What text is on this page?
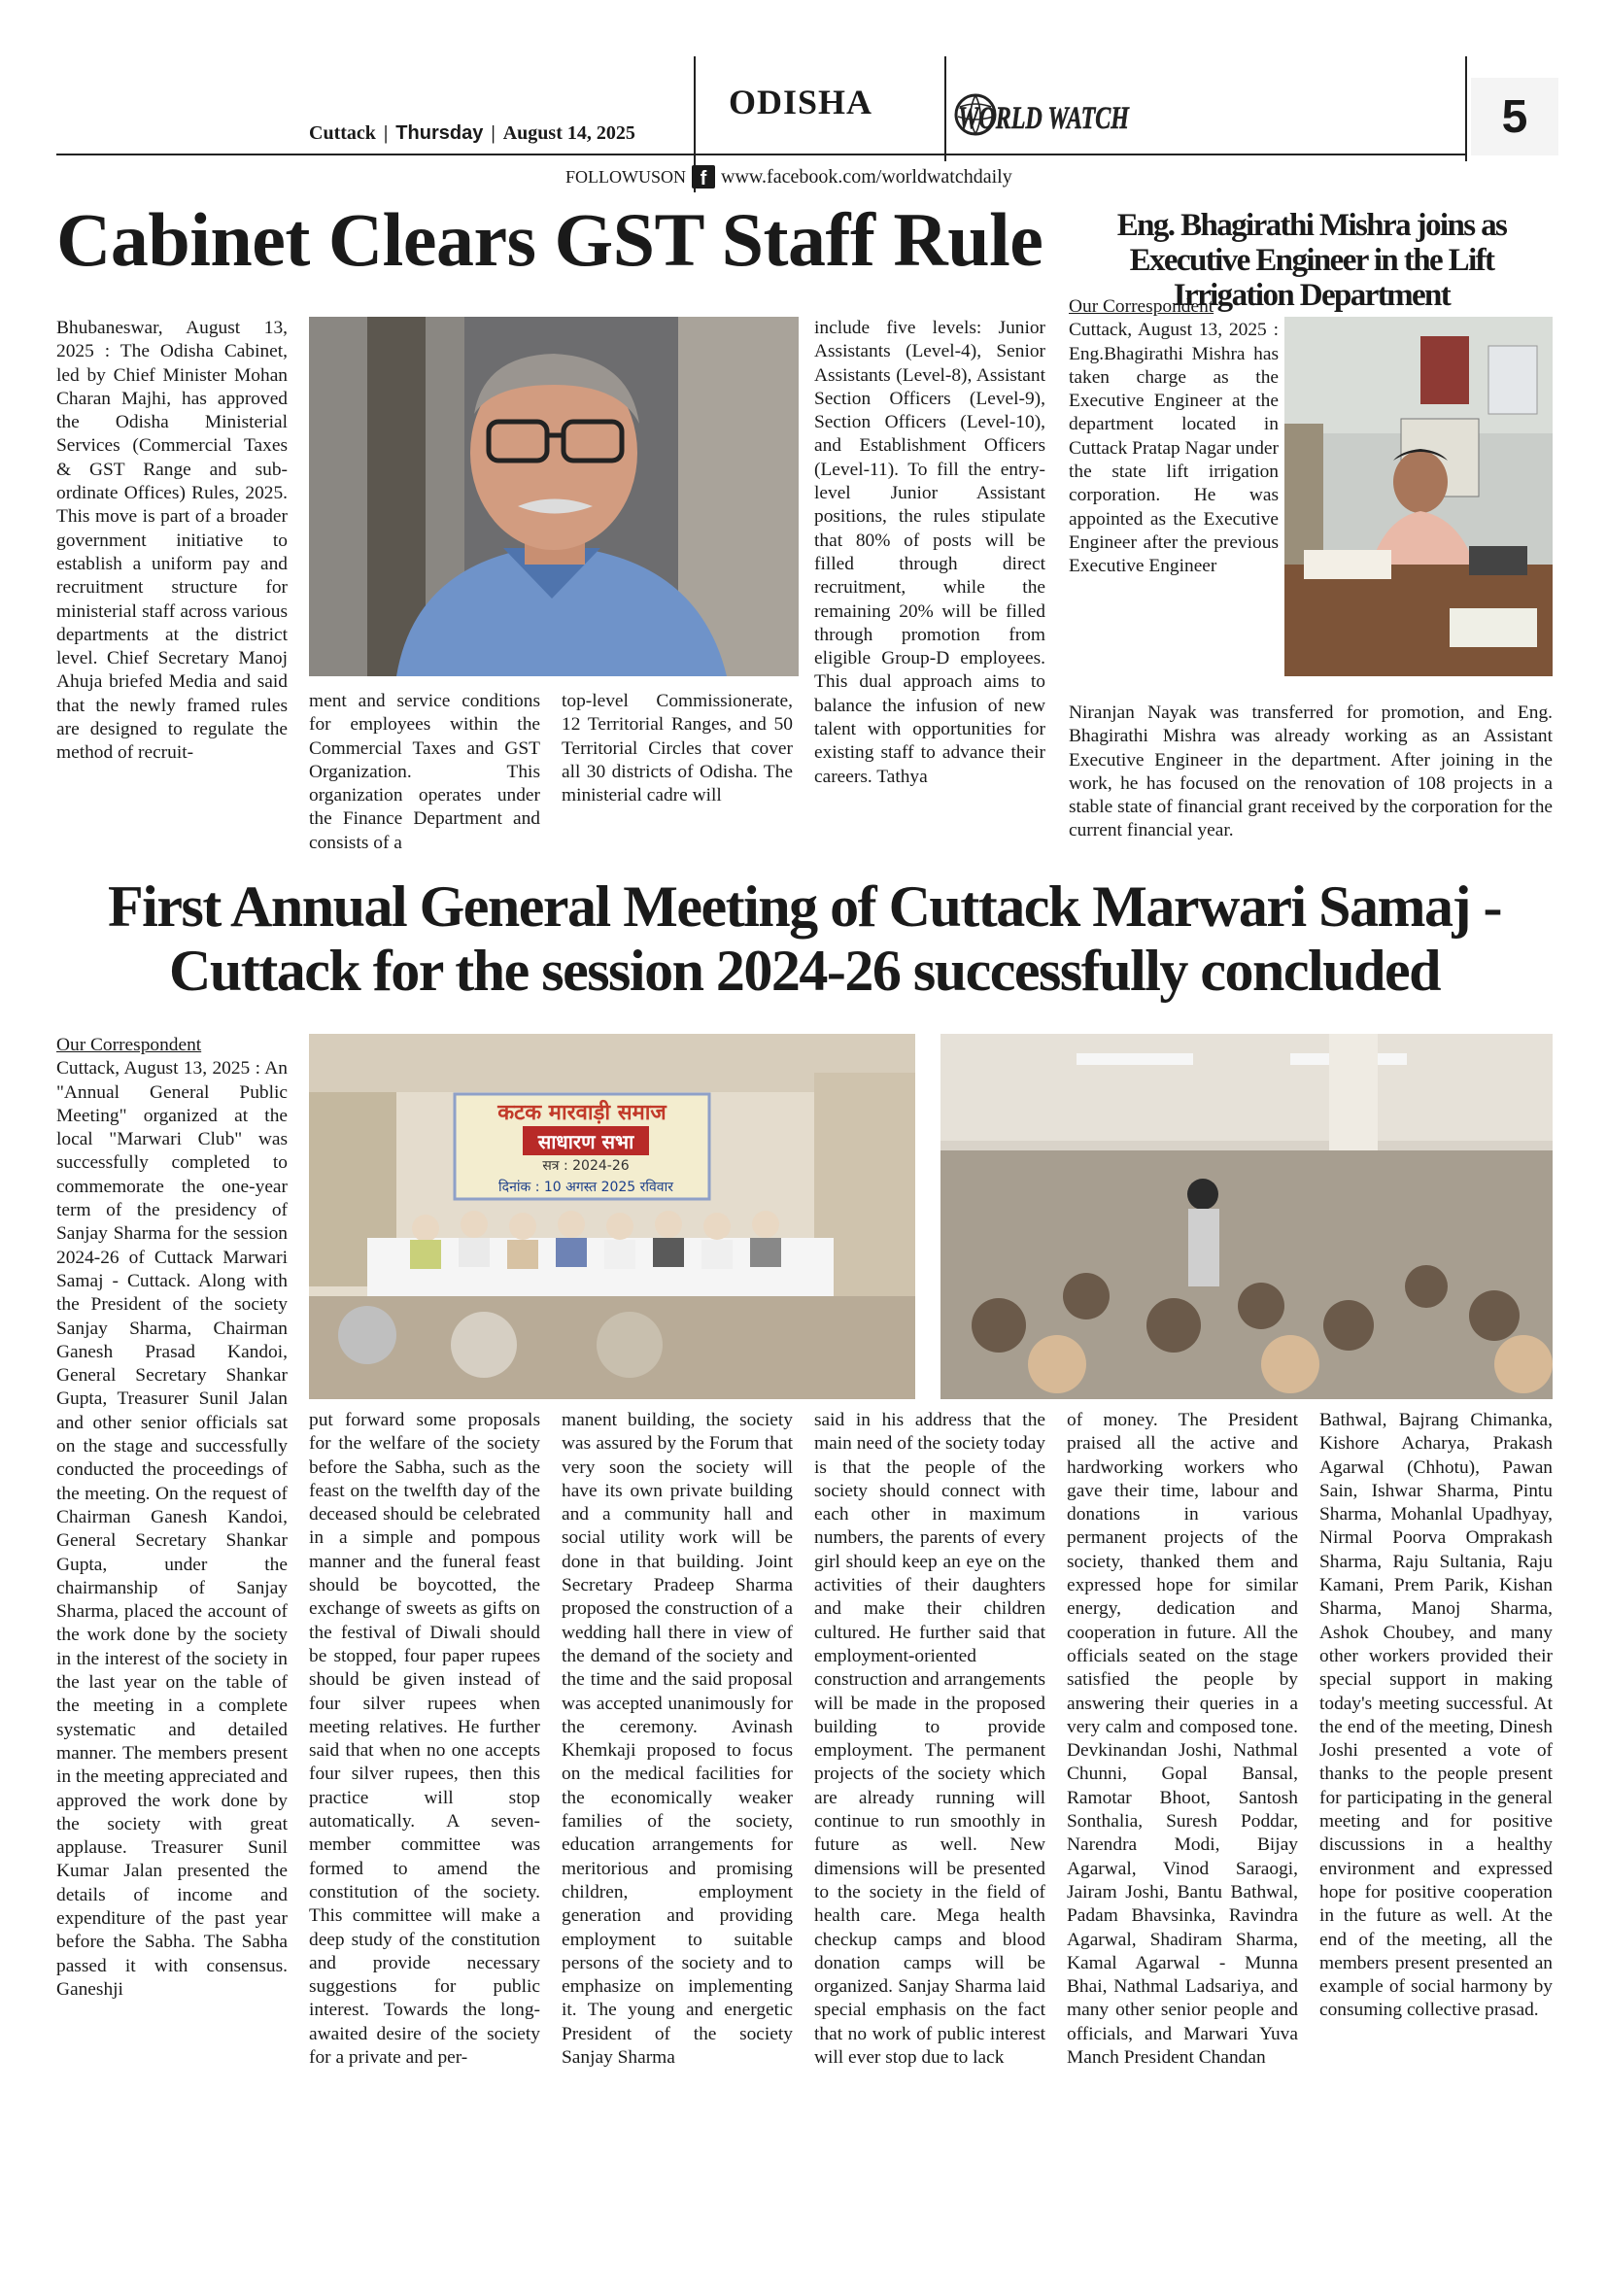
Cuttack | Thursday | August 14, 2025
ODISHA	WORLD WATCH	5
FOLLOWUSON f www.facebook.com/worldwatchdaily
Cabinet Clears GST Staff Rule

Bhubaneswar, August 13, 2025 : The Odisha Cabinet, led by Chief Minister Mohan Charan Majhi, has approved the Odisha Ministerial Services (Commercial Taxes & GST Range and sub-ordinate Offices) Rules, 2025. This move is part of a broader government initiative to establish a uniform pay and recruitment structure for ministerial staff across various departments at the district level. Chief Secretary Manoj Ahuja briefed Media and said that the newly framed rules are designed to regulate the method of recruit-

ment and service conditions for employees within the Commercial Taxes and GST Organization. This organization operates under the Finance Department and consists of a

top-level Commissionerate, 12 Territorial Ranges, and 50 Territorial Circles that cover all 30 districts of Odisha. The ministerial cadre will

include five levels: Junior Assistants (Level-4), Senior Assistants (Level-8), Assistant Section Officers (Level-9), Section Officers (Level-10), and Establishment Officers (Level-11). To fill the entry-level Junior Assistant positions, the rules stipulate that 80% of posts will be filled through direct recruitment, while the remaining 20% will be filled through promotion from eligible Group-D employees. This dual approach aims to balance the infusion of new talent with opportunities for existing staff to advance their careers. Tathya

Eng. Bhagirathi Mishra joins as Executive Engineer in the Lift Irrigation Department

Our Correspondent

Cuttack, August 13, 2025 : Eng.Bhagirathi Mishra has taken charge as the Executive Engineer at the department located in Cuttack Pratap Nagar under the state lift irrigation corporation. He was appointed as the Executive Engineer after the previous Executive Engineer

Niranjan Nayak was transferred for promotion, and Eng. Bhagirathi Mishra was already working as an Assistant Executive Engineer in the department. After joining in the work, he has focused on the renovation of 108 projects in a stable state of financial grant received by the corporation for the current financial year.

First Annual General Meeting of Cuttack Marwari Samaj -
Cuttack for the session 2024-26 successfully concluded

Our Correspondent

Cuttack, August 13, 2025 : An "Annual General Public Meeting" organized at the local "Marwari Club" was successfully completed to commemorate the one-year term of the presidency of Sanjay Sharma for the session 2024-26 of Cuttack Marwari Samaj - Cuttack. Along with the President of the society Sanjay Sharma, Chairman Ganesh Prasad Kandoi, General Secretary Shankar Gupta, Treasurer Sunil Jalan and other senior officials sat on the stage and successfully conducted the proceedings of the meeting. On the request of Chairman Ganesh Kandoi, General Secretary Shankar Gupta, under the chairmanship of Sanjay Sharma, placed the account of the work done by the society in the interest of the society in the last year on the table of the meeting in a complete systematic and detailed manner. The members present in the meeting appreciated and approved the work done by the society with great applause. Treasurer Sunil Kumar Jalan presented the details of income and expenditure of the past year before the Sabha. The Sabha passed it with consensus. Ganeshji

कटक मारवाड़ी समाज
साधारण सभा
सत्र : 2024-26
दिनांक : 10 अगस्त 2025 रविवार

put forward some proposals for the welfare of the society before the Sabha, such as the feast on the twelfth day of the deceased should be celebrated in a simple and pompous manner and the funeral feast should be boycotted, the exchange of sweets as gifts on the festival of Diwali should be stopped, four paper rupees should be given instead of four silver rupees when meeting relatives. He further said that when no one accepts four silver rupees, then this practice will stop automatically. A seven-member committee was formed to amend the constitution of the society. This committee will make a deep study of the constitution and provide necessary suggestions for public interest. Towards the long-awaited desire of the society for a private and per-

manent building, the society was assured by the Forum that very soon the society will have its own private building and a community hall and social utility work will be done in that building. Joint Secretary Pradeep Sharma proposed the construction of a wedding hall there in view of the demand of the society and the time and the said proposal was accepted unanimously for the ceremony. Avinash Khemkaji proposed to focus on the medical facilities for the economically weaker families of the society, education arrangements for meritorious and promising children, employment generation and providing employment to suitable persons of the society and to emphasize on implementing it. The young and energetic President of the society Sanjay Sharma

said in his address that the main need of the society today is that the people of the society should connect with each other in maximum numbers, the parents of every girl should keep an eye on the activities of their daughters and make their children cultured. He further said that employment-oriented construction and arrangements will be made in the proposed building to provide employment. The permanent projects of the society which are already running will continue to run smoothly in future as well. New dimensions will be presented to the society in the field of health care. Mega health checkup camps and blood donation camps will be organized. Sanjay Sharma laid special emphasis on the fact that no work of public interest will ever stop due to lack

of money. The President praised all the active and hardworking workers who gave their time, labour and donations in various permanent projects of the society, thanked them and expressed hope for similar energy, dedication and cooperation in future. All the officials seated on the stage satisfied the people by answering their queries in a very calm and composed tone. Devkinandan Joshi, Nathmal Chunni, Gopal Bansal, Ramotar Bhoot, Santosh Sonthalia, Suresh Poddar, Narendra Modi, Bijay Agarwal, Vinod Saraogi, Jairam Joshi, Bantu Bathwal, Padam Bhavsinka, Ravindra Agarwal, Shadiram Sharma, Kamal Agarwal - Munna Bhai, Nathmal Ladsariya, and many other senior people and officials, and Marwari Yuva Manch President Chandan

Bathwal, Bajrang Chimanka, Kishore Acharya, Prakash Agarwal (Chhotu), Pawan Sain, Ishwar Sharma, Pintu Sharma, Mohanlal Upadhyay, Nirmal Poorva Omprakash Sharma, Raju Sultania, Raju Kamani, Prem Parik, Kishan Sharma, Manoj Sharma, Ashok Choubey, and many other workers provided their special support in making today's meeting successful. At the end of the meeting, Dinesh Joshi presented a vote of thanks to the people present for participating in the general meeting and for positive discussions in a healthy environment and expressed hope for positive cooperation in the future as well. At the end of the meeting, all the members present presented an example of social harmony by consuming collective prasad.
